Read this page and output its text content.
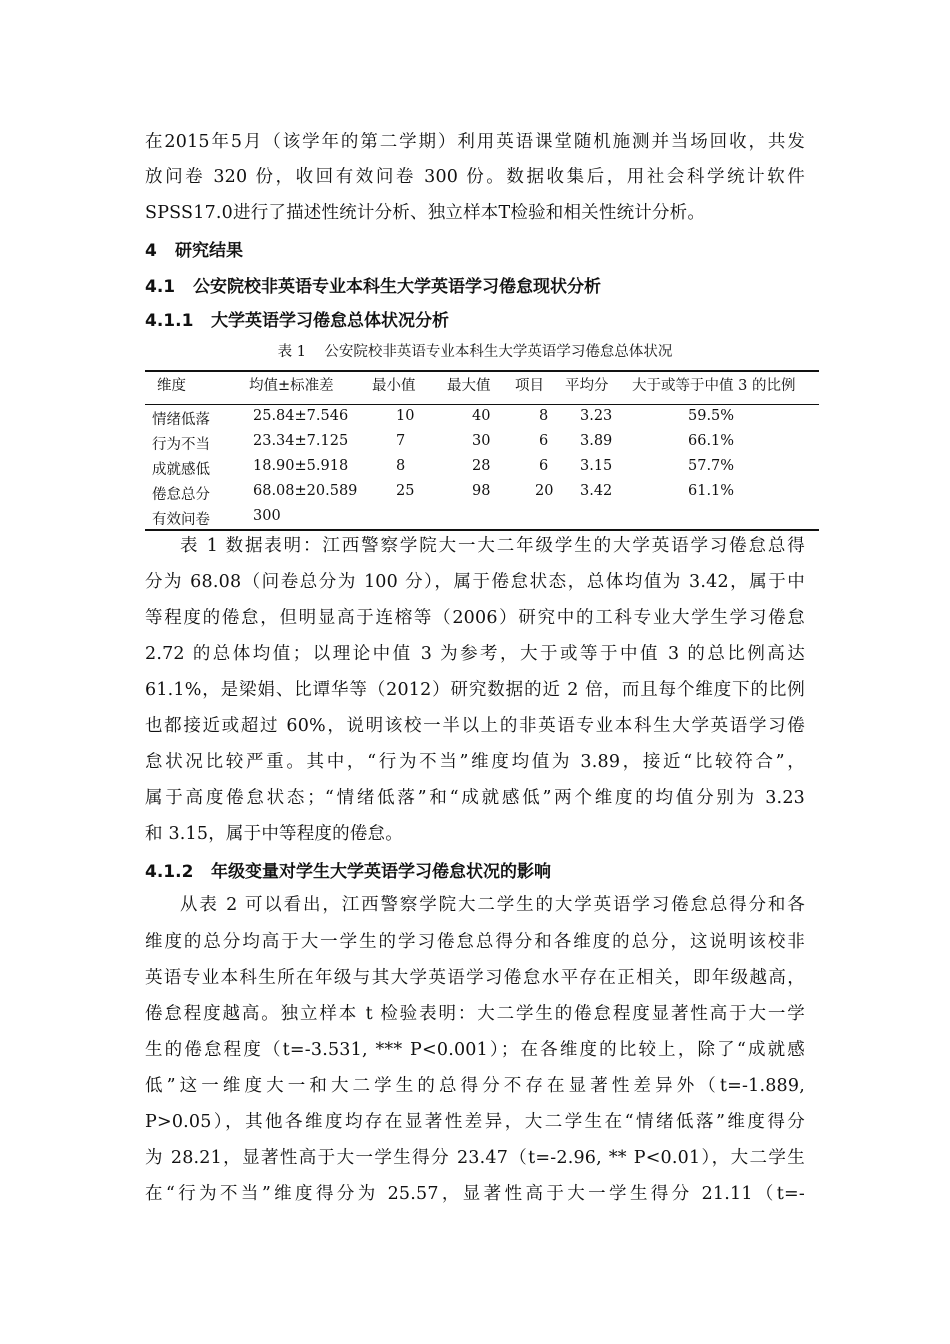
在2015年5月（该学年的第二学期）利用英语课堂随机施测并当场回收，共发
放问卷 320 份，收回有效问卷 300 份。数据收集后，用社会科学统计软件
SPSS17.0进行了描述性统计分析、独立样本T检验和相关性统计分析。
4 研究结果
4.1 公安院校非英语专业本科生大学英语学习倦怠现状分析
4.1.1 大学英语学习倦怠总体状况分析
表 1    公安院校非英语专业本科生大学英语学习倦怠总体状况
维度	均值±标准差	最小值 最大值 项目 平均分 大于或等于中值 3 的比例
情绪低落	25.84±7.546	10	40	8 3.23	59.5%
行为不当	23.34±7.125	7	30	6 3.89	66.1%
成就感低	18.90±5.918	8	28	6 3.15	57.7%
倦怠总分	68.08±20.589	25	98	20 3.42	61.1%
有效问卷	300
表 1 数据表明：江西警察学院大一大二年级学生的大学英语学习倦怠总得
分为 68.08（问卷总分为 100 分），属于倦怠状态，总体均值为 3.42，属于中
等程度的倦怠，但明显高于连榕等（2006）研究中的工科专业大学生学习倦怠
2.72 的总体均值；以理论中值 3 为参考，大于或等于中值 3 的总比例高达
61.1%，是梁娟、比谭华等（2012）研究数据的近 2 倍，而且每个维度下的比例
也都接近或超过 60%，说明该校一半以上的非英语专业本科生大学英语学习倦
怠状况比较严重。其中，“行为不当”维度均值为 3.89，接近“比较符合”，
属于高度倦怠状态；“情绪低落”和“成就感低”两个维度的均值分别为 3.23
和 3.15，属于中等程度的倦怠。
4.1.2 年级变量对学生大学英语学习倦怠状况的影响
从表 2 可以看出，江西警察学院大二学生的大学英语学习倦怠总得分和各
维度的总分均高于大一学生的学习倦怠总得分和各维度的总分，这说明该校非
英语专业本科生所在年级与其大学英语学习倦怠水平存在正相关，即年级越高，
倦怠程度越高。独立样本 t 检验表明：大二学生的倦怠程度显著性高于大一学
生的倦怠程度（t=-3.531, *** P<0.001）；在各维度的比较上，除了“成就感
低”这一维度大一和大二学生的总得分不存在显著性差异外（t=-1.889,
P>0.05），其他各维度均存在显著性差异，大二学生在“情绪低落”维度得分
为 28.21，显著性高于大一学生得分 23.47（t=-2.96, ** P<0.01），大二学生
在“行为不当”维度得分为 25.57，显著性高于大一学生得分 21.11（t=-
